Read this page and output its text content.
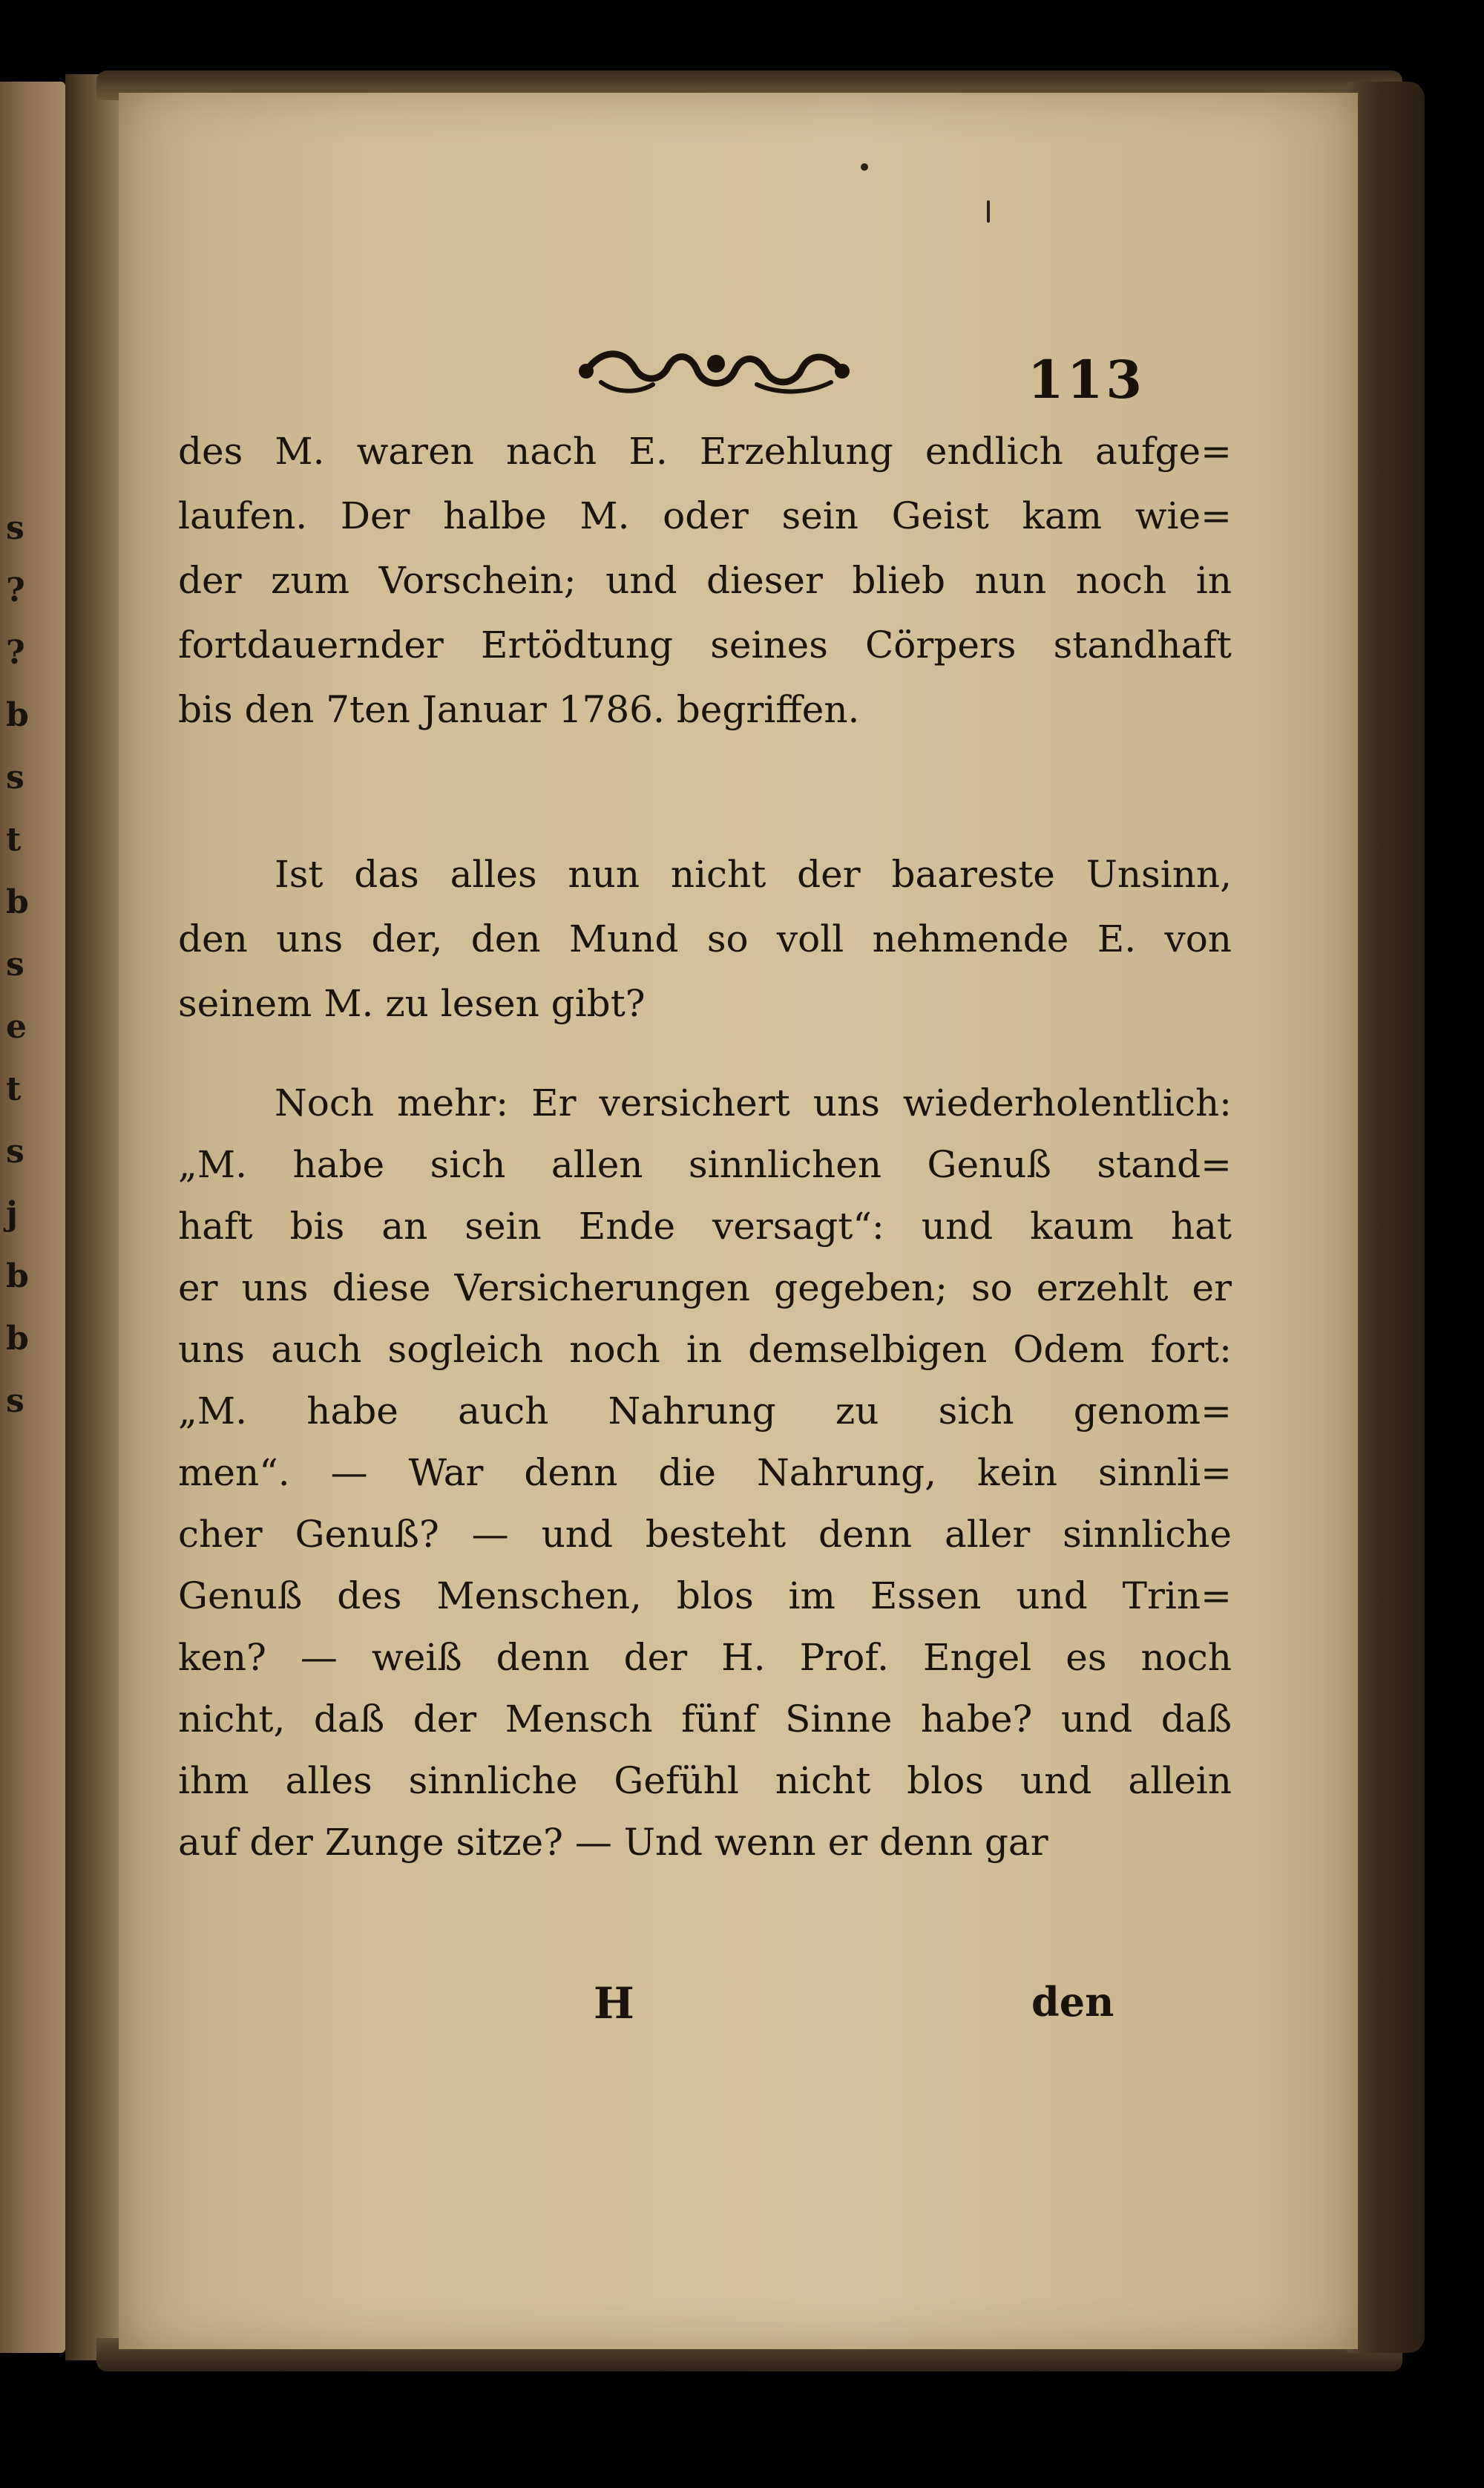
s
?
?
b
s
t
b
s
e
t
s
j
b
b
s
113
des M. waren nach E. Erzehlung endlich aufge=
laufen. Der halbe M. oder sein Geist kam wie=
der zum Vorschein; und dieser blieb nun noch in
fortdauernder Ertödtung seines Cörpers standhaft
bis den 7ten Januar 1786. begriffen.
Ist das alles nun nicht der baareste Unsinn,
den uns der, den Mund so voll nehmende E. von
seinem M. zu lesen gibt?
Noch mehr: Er versichert uns wiederholentlich:
„M. habe sich allen sinnlichen Genuß stand=
haft bis an sein Ende versagt“: und kaum hat
er uns diese Versicherungen gegeben; so erzehlt er
uns auch sogleich noch in demselbigen Odem fort:
„M. habe auch Nahrung zu sich genom=
men“. — War denn die Nahrung, kein sinnli=
cher Genuß? — und besteht denn aller sinnliche
Genuß des Menschen, blos im Essen und Trin=
ken? — weiß denn der H. Prof. Engel es noch
nicht, daß der Mensch fünf Sinne habe? und daß
ihm alles sinnliche Gefühl nicht blos und allein
auf der Zunge sitze? — Und wenn er denn gar
H	den
